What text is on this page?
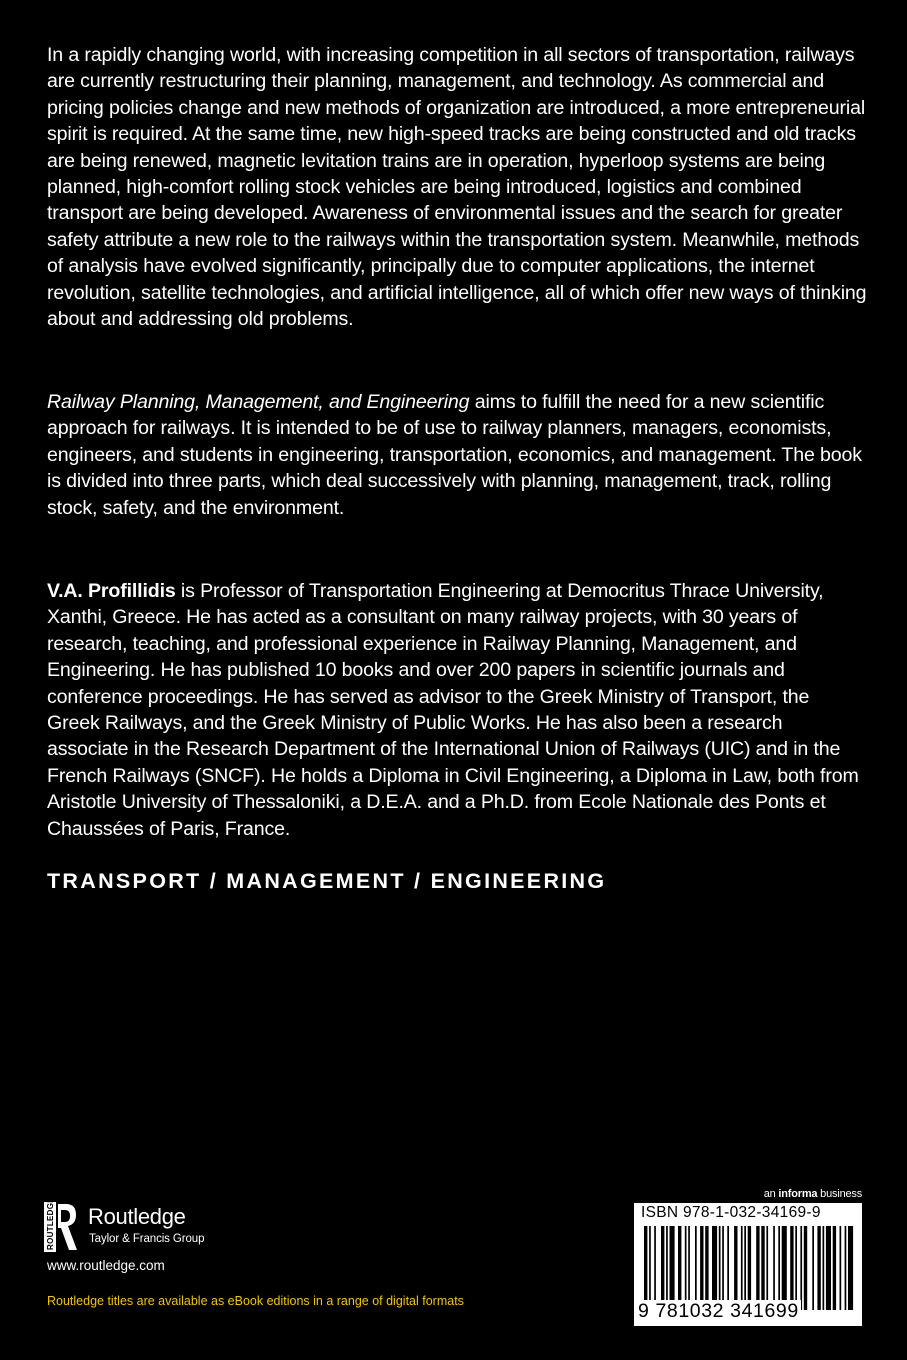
In a rapidly changing world, with increasing competition in all sectors of transportation, railways are currently restructuring their planning, management, and technology. As commercial and pricing policies change and new methods of organization are introduced, a more entrepreneurial spirit is required. At the same time, new high-speed tracks are being constructed and old tracks are being renewed, magnetic levitation trains are in operation, hyperloop systems are being planned, high-comfort rolling stock vehicles are being introduced, logistics and combined transport are being developed. Awareness of environmental issues and the search for greater safety attribute a new role to the railways within the transportation system. Meanwhile, methods of analysis have evolved significantly, principally due to computer applications, the internet revolution, satellite technologies, and artificial intelligence, all of which offer new ways of thinking about and addressing old problems.

Railway Planning, Management, and Engineering aims to fulfill the need for a new scientific approach for railways. It is intended to be of use to railway planners, managers, economists, engineers, and students in engineering, transportation, economics, and management. The book is divided into three parts, which deal successively with planning, management, track, rolling stock, safety, and the environment.

V.A. Profillidis is Professor of Transportation Engineering at Democritus Thrace University, Xanthi, Greece. He has acted as a consultant on many railway projects, with 30 years of research, teaching, and professional experience in Railway Planning, Management, and Engineering. He has published 10 books and over 200 papers in scientific journals and conference proceedings. He has served as advisor to the Greek Ministry of Transport, the Greek Railways, and the Greek Ministry of Public Works. He has also been a research associate in the Research Department of the International Union of Railways (UIC) and in the French Railways (SNCF). He holds a Diploma in Civil Engineering, a Diploma in Law, both from Aristotle University of Thessaloniki, a D.E.A. and a Ph.D. from Ecole Nationale des Ponts et Chaussées of Paris, France.

TRANSPORT / MANAGEMENT / ENGINEERING
ROUTLEDGE Routledge
Taylor & Francis Group
www.routledge.com
Routledge titles are available as eBook editions in a range of digital formats
an informa business
ISBN 978-1-032-34169-9
9 781032 341699
